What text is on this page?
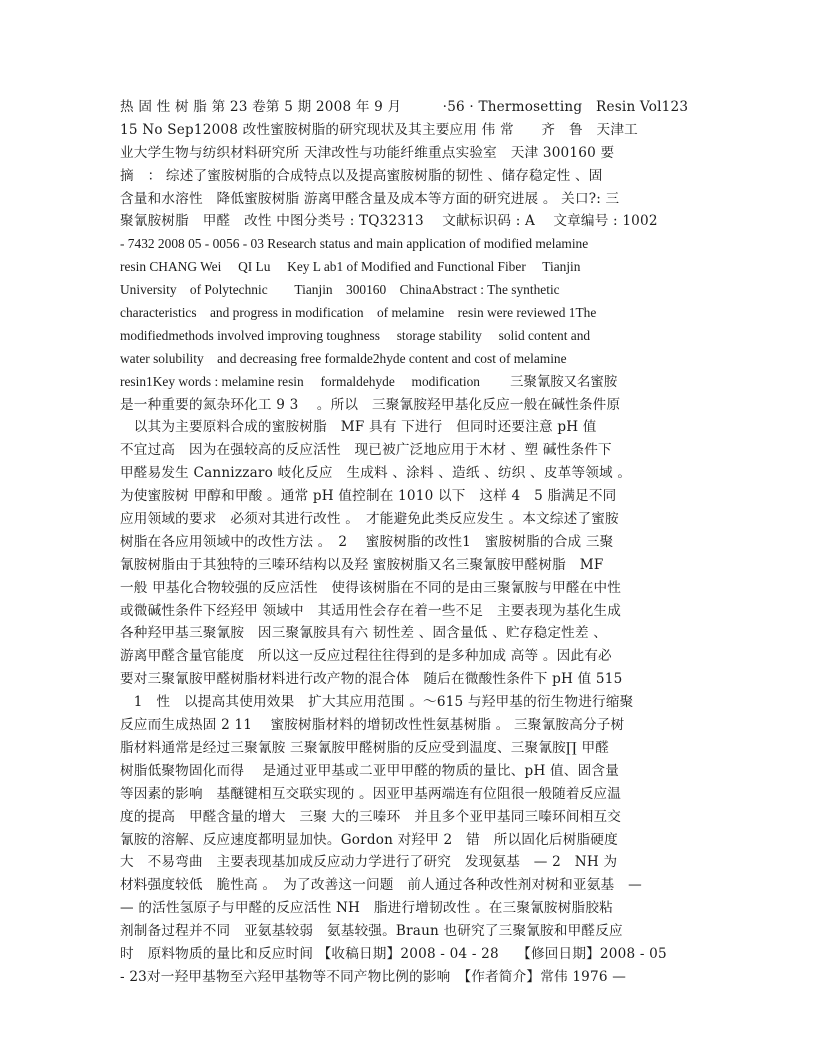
热 固 性 树 脂 第 23 卷第 5 期 2008 年 9 月　　　·56 · Thermosetting　Resin Vol123
15 No Sep12008 改性蜜胺树脂的研究现状及其主要应用 伟 常　　齐　鲁　天津工
业大学生物与纺织材料研究所 天津改性与功能纤维重点实验室　天津 300160 要
摘　： 综述了蜜胺树脂的合成特点以及提高蜜胺树脂的韧性 、储存稳定性 、固
含量和水溶性　降低蜜胺树脂 游离甲醛含量及成本等方面的研究进展 。 关口?: 三
聚氰胺树脂　甲醛　改性 中图分类号 : TQ32313　 文献标识码 : A　 文章编号 : 1002
- 7432 2008 05 - 0056 - 03 Research status and main application of modified melamine
resin CHANG Wei　 QI Lu　 Key L ab1 of Modified and Functional Fiber　 Tianjin
University　of Polytechnic　　Tianjin　300160　ChinaAbstract : The synthetic
characteristics　and progress in modification　of melamine　resin were reviewed 1The
modifiedmethods involved improving toughness　 storage stability　 solid content and
water solubility　and decreasing free formalde2hyde content and cost of melamine
resin1Key words : melamine resin　 formaldehyde　 modification　　 三聚氰胺又名蜜胺
是一种重要的氮杂环化工 9 3 　。所以　三聚氰胺羟甲基化反应一般在碱性条件原
　以其为主要原料合成的蜜胺树脂　MF 具有 下进行　但同时还要注意 pH 值
不宜过高　因为在强较高的反应活性　现已被广泛地应用于木材 、塑 碱性条件下
甲醛易发生 Cannizzaro 岐化反应　生成料 、涂料 、造纸 、纺织 、皮革等领域 。
为使蜜胺树 甲醇和甲酸 。通常 pH 值控制在 1010 以下　这样 4　5 脂满足不同
应用领域的要求　必须对其进行改性 。　才能避免此类反应发生 。本文综述了蜜胺
树脂在各应用领域中的改性方法 。　2　 蜜胺树脂的改性1　蜜胺树脂的合成 三聚
氰胺树脂由于其独特的三嗪环结构以及羟 蜜胺树脂又名三聚氰胺甲醛树脂　MF
一般 甲基化合物较强的反应活性　使得该树脂在不同的是由三聚氰胺与甲醛在中性
或微碱性条件下经羟甲 领域中　其适用性会存在着一些不足　主要表现为基化生成
各种羟甲基三聚氰胺　因三聚氰胺具有六 韧性差 、固含量低 、贮存稳定性差 、
游离甲醛含量官能度　所以这一反应过程往往得到的是多种加成 高等 。因此有必
要对三聚氰胺甲醛树脂材料进行改产物的混合体　随后在微酸性条件下 pH 值 515
　1　性　以提高其使用效果　扩大其应用范围 。～615 与羟甲基的衍生物进行缩聚
反应而生成热固 2 11　 蜜胺树脂材料的增韧改性性氨基树脂 。 三聚氰胺高分子树
脂材料通常是经过三聚氰胺 三聚氰胺甲醛树脂的反应受到温度、三聚氰胺∏ 甲醛
树脂低聚物固化而得　 是通过亚甲基或二亚甲甲醛的物质的量比、pH 值、固含量
等因素的影响　基醚键相互交联实现的 。因亚甲基两端连有位阻很一般随着反应温
度的提高　甲醛含量的增大　三聚 大的三嗪环　并且多个亚甲基同三嗪环间相互交
氰胺的溶解、反应速度都明显加快。Gordon 对羟甲 2　错　所以固化后树脂硬度
大　不易弯曲　主要表现基加成反应动力学进行了研究　发现氨基　— 2　NH 为
材料强度较低　脆性高 。　为了改善这一问题　前人通过各种改性剂对树和亚氨基　—
— 的活性氢原子与甲醛的反应活性 NH　脂进行增韧改性 。在三聚氰胺树脂胶粘
剂制备过程并不同　亚氨基较弱　氨基较强。Braun 也研究了三聚氰胺和甲醛反应
时　原料物质的量比和反应时间 【收稿日期】2008 - 04 - 28　 【修回日期】2008 - 05
- 23对一羟甲基物至六羟甲基物等不同产物比例的影响　【作者简介】常伟 1976 —
